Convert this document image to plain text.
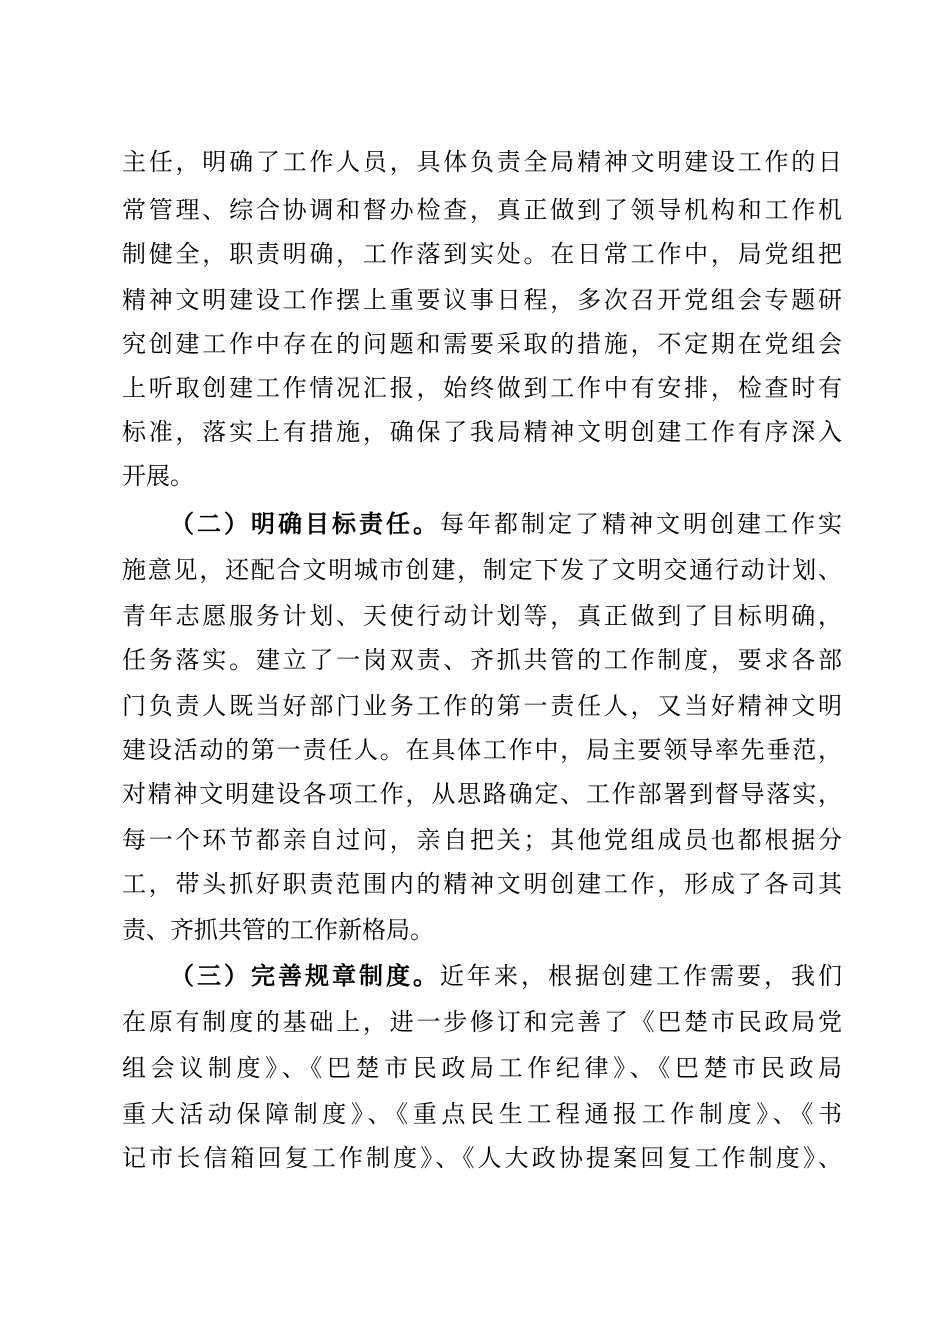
主任，明确了工作人员，具体负责全局精神文明建设工作的日
常管理、综合协调和督办检查，真正做到了领导机构和工作机
制健全，职责明确，工作落到实处。在日常工作中，局党组把
精神文明建设工作摆上重要议事日程，多次召开党组会专题研
究创建工作中存在的问题和需要采取的措施，不定期在党组会
上听取创建工作情况汇报，始终做到工作中有安排，检查时有
标准，落实上有措施，确保了我局精神文明创建工作有序深入
开展。
（二）明确目标责任。每年都制定了精神文明创建工作实
施意见，还配合文明城市创建，制定下发了文明交通行动计划、
青年志愿服务计划、天使行动计划等，真正做到了目标明确，
任务落实。建立了一岗双责、齐抓共管的工作制度，要求各部
门负责人既当好部门业务工作的第一责任人，又当好精神文明
建设活动的第一责任人。在具体工作中，局主要领导率先垂范，
对精神文明建设各项工作，从思路确定、工作部署到督导落实，
每一个环节都亲自过问，亲自把关；其他党组成员也都根据分
工，带头抓好职责范围内的精神文明创建工作，形成了各司其
责、齐抓共管的工作新格局。
（三）完善规章制度。近年来，根据创建工作需要，我们
在原有制度的基础上，进一步修订和完善了《巴楚市民政局党
组会议制度》、《巴楚市民政局工作纪律》、《巴楚市民政局
重大活动保障制度》、《重点民生工程通报工作制度》、《书
记市长信箱回复工作制度》、《人大政协提案回复工作制度》、
